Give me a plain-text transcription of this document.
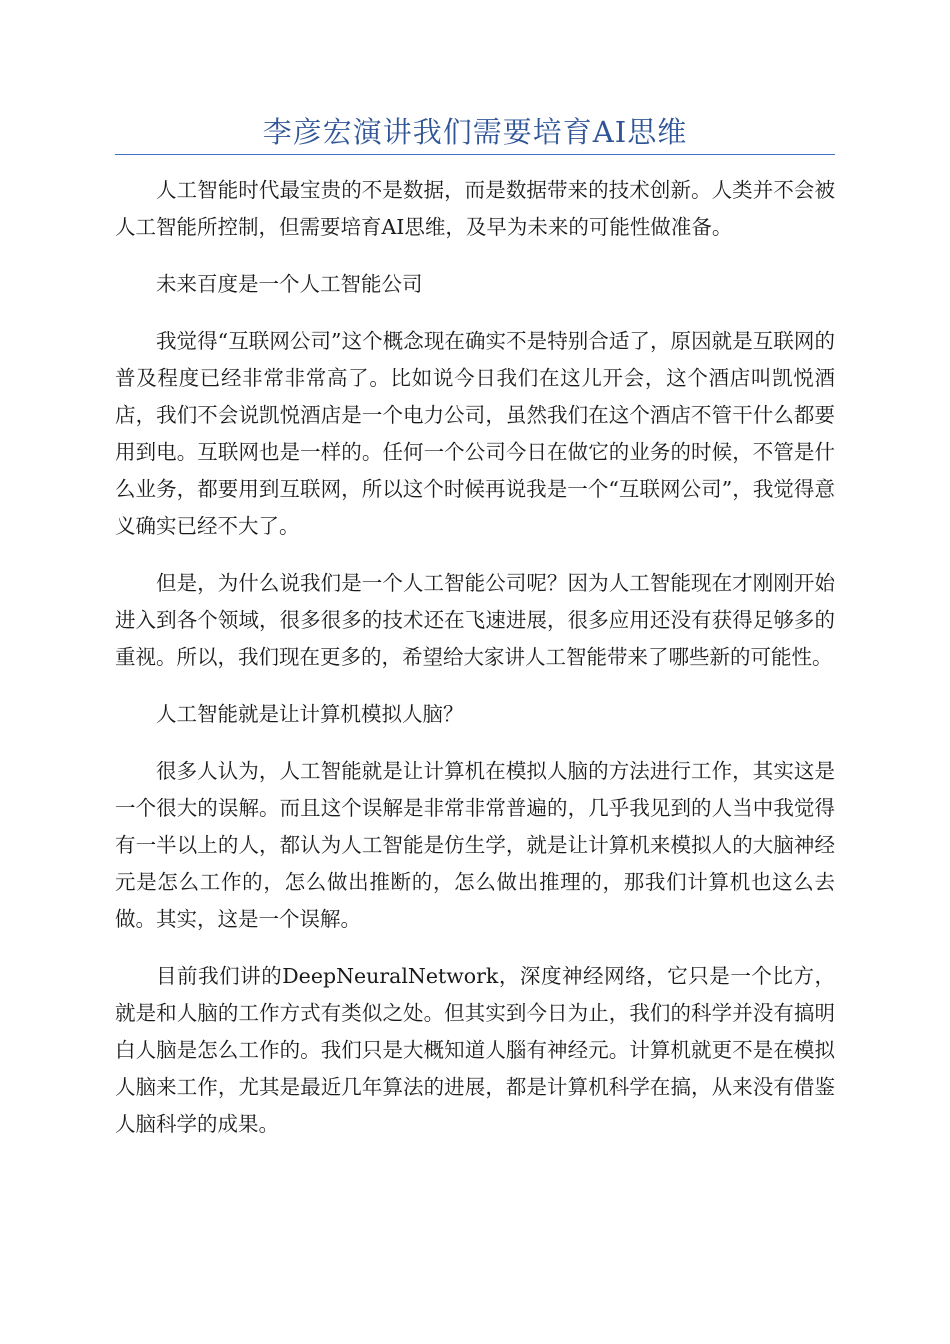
李彦宏演讲我们需要培育AI思维

人工智能时代最宝贵的不是数据，而是数据带来的技术创新。人类并不会被人工智能所控制，但需要培育AI思维，及早为未来的可能性做准备。

未来百度是一个人工智能公司

我觉得“互联网公司”这个概念现在确实不是特别合适了，原因就是互联网的普及程度已经非常非常高了。比如说今日我们在这儿开会，这个酒店叫凯悦酒店，我们不会说凯悦酒店是一个电力公司，虽然我们在这个酒店不管干什么都要用到电。互联网也是一样的。任何一个公司今日在做它的业务的时候，不管是什么业务，都要用到互联网，所以这个时候再说我是一个“互联网公司”，我觉得意义确实已经不大了。

但是，为什么说我们是一个人工智能公司呢？因为人工智能现在才刚刚开始进入到各个领域，很多很多的技术还在飞速进展，很多应用还没有获得足够多的重视。所以，我们现在更多的，希望给大家讲人工智能带来了哪些新的可能性。

人工智能就是让计算机模拟人脑？

很多人认为，人工智能就是让计算机在模拟人脑的方法进行工作，其实这是一个很大的误解。而且这个误解是非常非常普遍的，几乎我见到的人当中我觉得有一半以上的人，都认为人工智能是仿生学，就是让计算机来模拟人的大脑神经元是怎么工作的，怎么做出推断的，怎么做出推理的，那我们计算机也这么去做。其实，这是一个误解。

目前我们讲的DeepNeuralNetwork，深度神经网络，它只是一个比方，就是和人脑的工作方式有类似之处。但其实到今日为止，我们的科学并没有搞明白人脑是怎么工作的。我们只是大概知道人腦有神经元。计算机就更不是在模拟人脑来工作，尤其是最近几年算法的进展，都是计算机科学在搞，从来没有借鉴人脑科学的成果。
